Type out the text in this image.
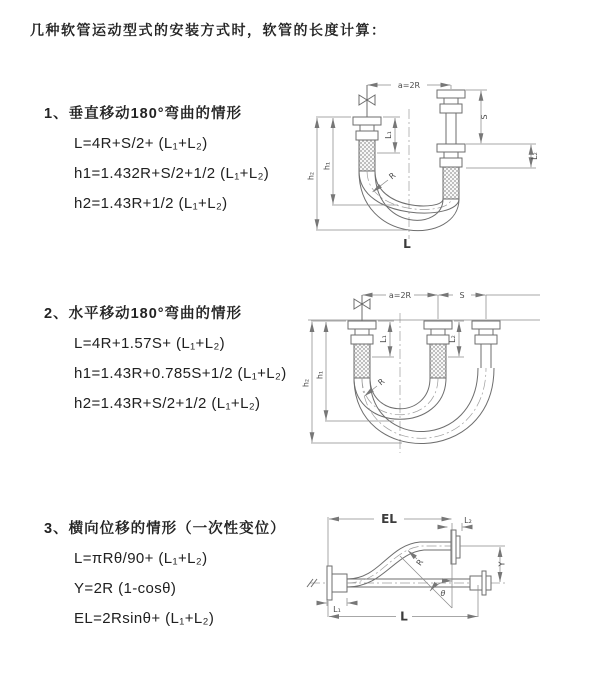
几种软管运动型式的安装方式时，软管的长度计算：
1、垂直移动180°弯曲的情形
L=4R+S/2+ (L₁+L₂)
h1=1.432R+S/2+1/2 (L₁+L₂)
h2=1.43R+1/2 (L₁+L₂)
2、水平移动180°弯曲的情形
L=4R+1.57S+ (L₁+L₂)
h1=1.43R+0.785S+1/2 (L₁+L₂)
h2=1.43R+S/2+1/2 (L₁+L₂)
3、横向位移的情形（一次性变位）
L=πRθ/90+ (L₁+L₂)
Y=2R (1-cosθ)
EL=2Rsinθ+ (L₁+L₂)
a=2R
R
h₂
h₁
L₁
S
L₂
L
a=2R	S
R
h₂
h₁
L₁	L₂
EL	L₂
θ
R	Y
L
L₁
